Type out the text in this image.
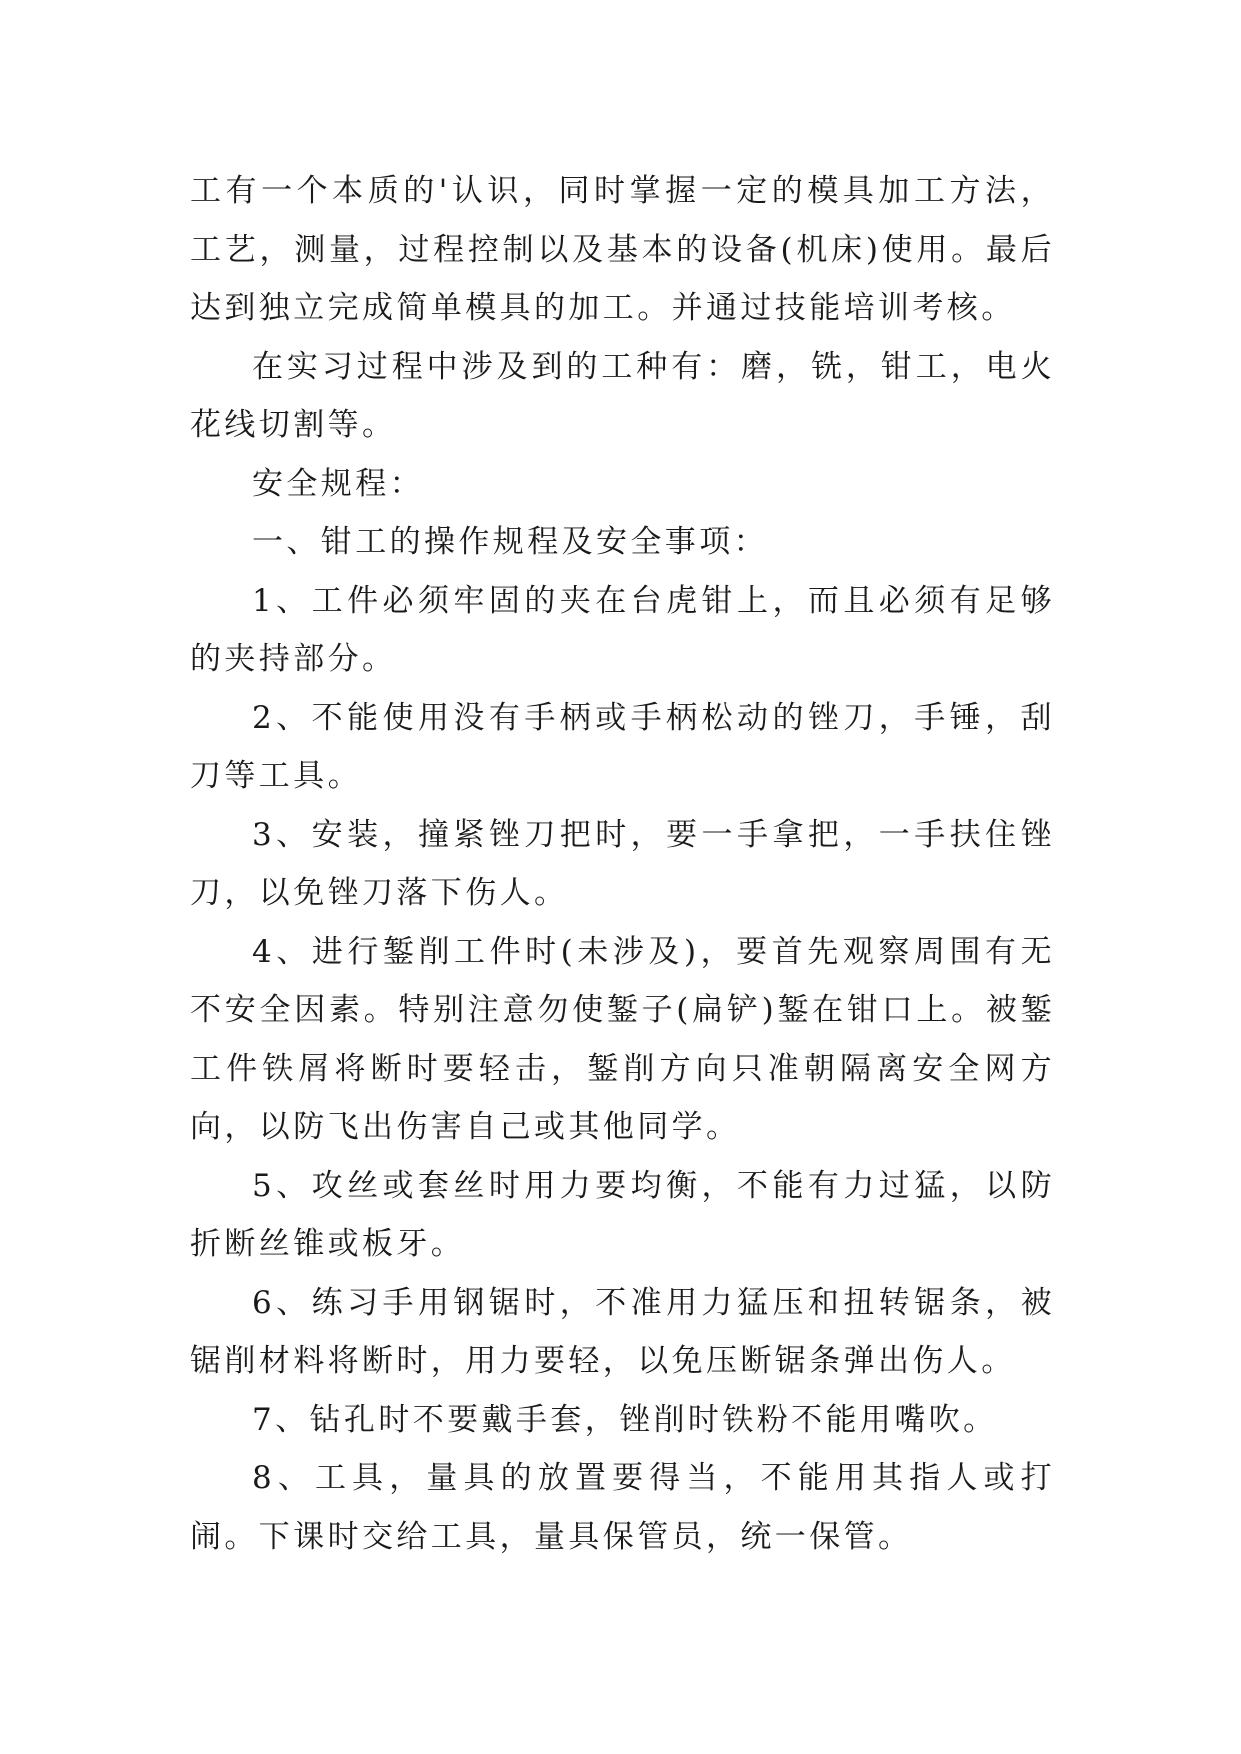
工有一个本质的'认识，同时掌握一定的模具加工方法，工艺，测量，过程控制以及基本的设备(机床)使用。最后达到独立完成简单模具的加工。并通过技能培训考核。

在实习过程中涉及到的工种有：磨，铣，钳工，电火花线切割等。

安全规程：

一、钳工的操作规程及安全事项：

1、工件必须牢固的夹在台虎钳上，而且必须有足够的夹持部分。

2、不能使用没有手柄或手柄松动的锉刀，手锤，刮刀等工具。

3、安装，撞紧锉刀把时，要一手拿把，一手扶住锉刀，以免锉刀落下伤人。

4、进行錾削工件时(未涉及)，要首先观察周围有无不安全因素。特别注意勿使錾子(扁铲)錾在钳口上。被錾工件铁屑将断时要轻击，錾削方向只准朝隔离安全网方向，以防飞出伤害自己或其他同学。

5、攻丝或套丝时用力要均衡，不能有力过猛，以防折断丝锥或板牙。

6、练习手用钢锯时，不准用力猛压和扭转锯条，被锯削材料将断时，用力要轻，以免压断锯条弹出伤人。

7、钻孔时不要戴手套，锉削时铁粉不能用嘴吹。

8、工具，量具的放置要得当，不能用其指人或打闹。下课时交给工具，量具保管员，统一保管。
